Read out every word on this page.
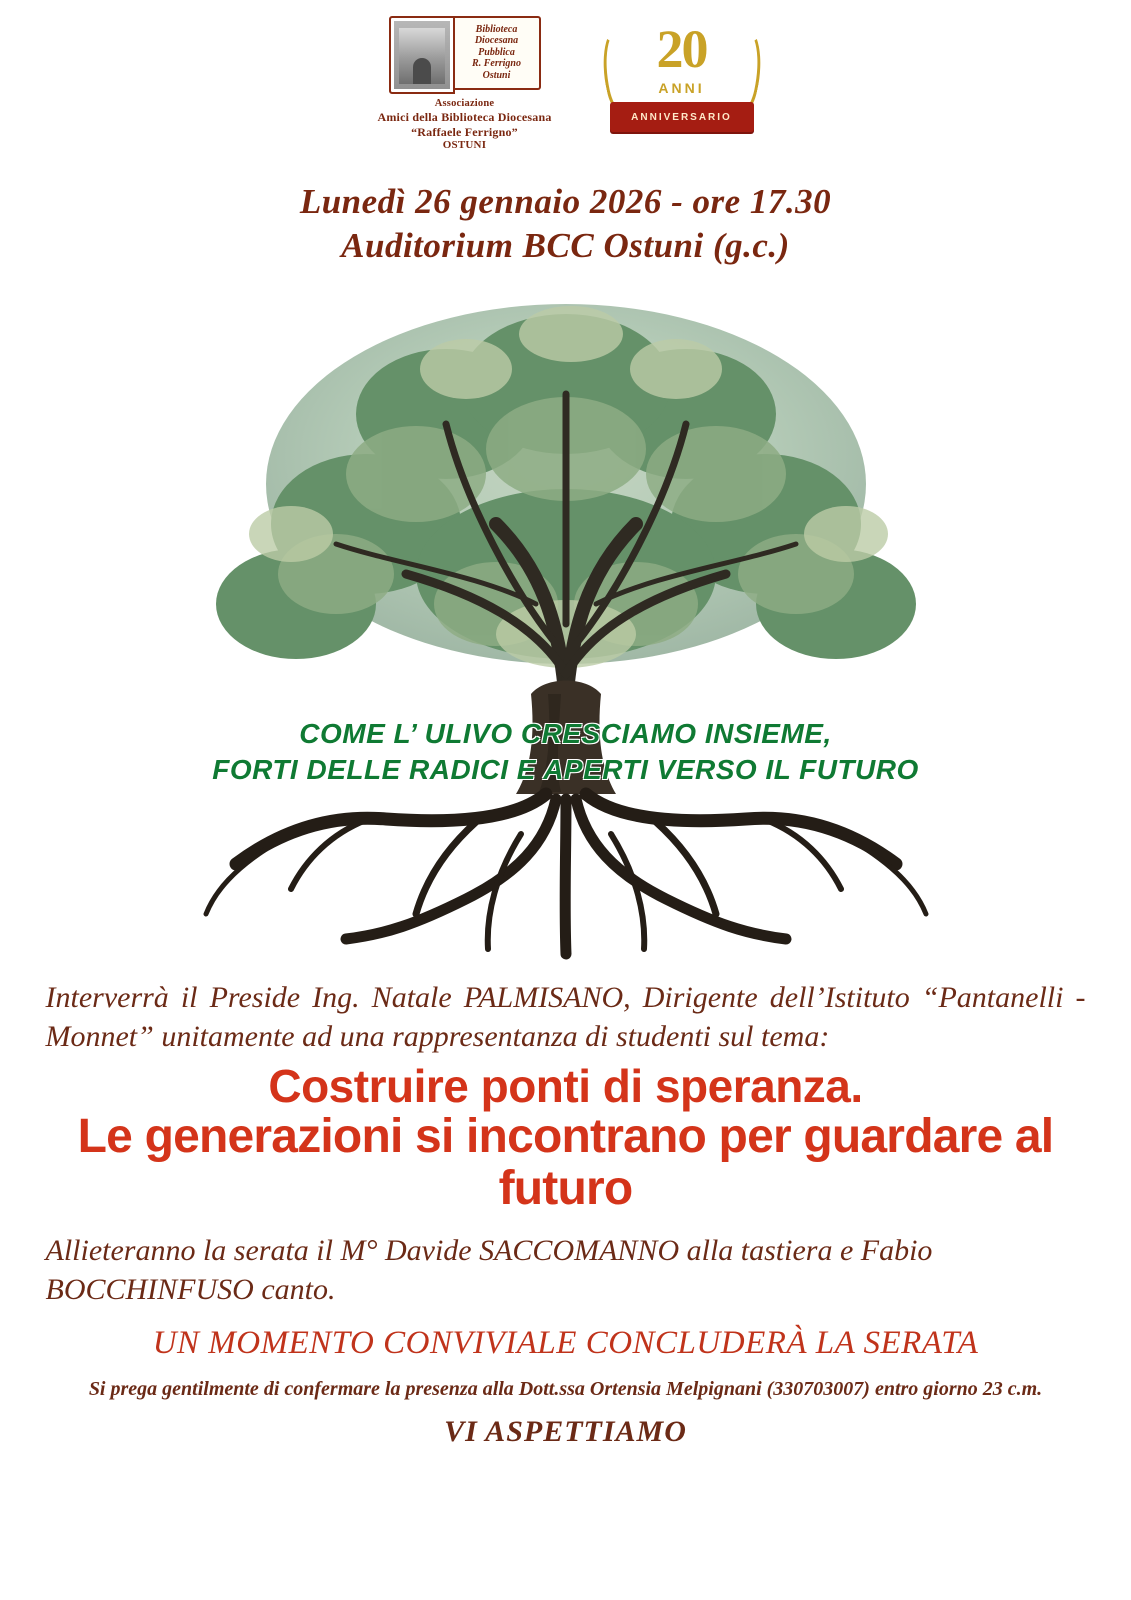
Biblioteca
Diocesana
Pubblica
R. Ferrigno
Ostuni
Associazione
Amici della Biblioteca Diocesana
“Raffaele Ferrigno”
OSTUNI
20
ANNI
ANNIVERSARIO
Lunedì 26 gennaio 2026 - ore 17.30
Auditorium BCC Ostuni (g.c.)
COME L’ ULIVO CRESCIAMO INSIEME,
FORTI DELLE RADICI E APERTI VERSO IL FUTURO
Interverrà il Preside Ing. Natale PALMISANO, Dirigente dell’Istituto “Pantanelli - Monnet” unitamente ad una rappresentanza di studenti sul tema:
Costruire ponti di speranza.
Le generazioni si incontrano per guardare al futuro
Allieteranno la serata il M° Davide SACCOMANNO alla tastiera e Fabio BOCCHINFUSO canto.
UN MOMENTO CONVIVIALE CONCLUDERÀ LA SERATA
Si prega gentilmente di confermare la presenza alla Dott.ssa Ortensia Melpignani (330703007) entro giorno 23 c.m.
VI ASPETTIAMO
